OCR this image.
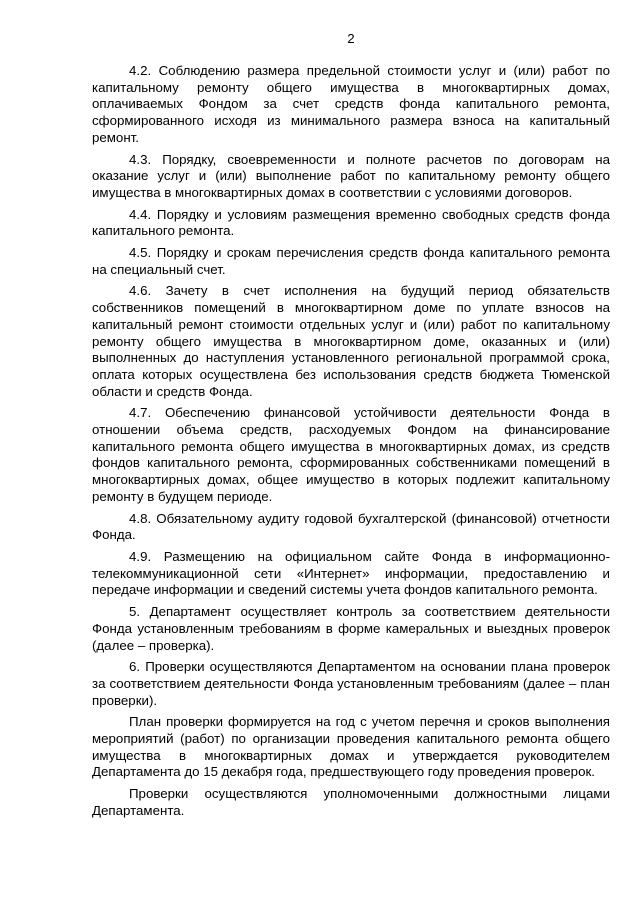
2

4.2. Соблюдению размера предельной стоимости услуг и (или) работ по капитальному ремонту общего имущества в многоквартирных домах, оплачиваемых Фондом за счет средств фонда капитального ремонта, сформированного исходя из минимального размера взноса на капитальный ремонт.

4.3. Порядку, своевременности и полноте расчетов по договорам на оказание услуг и (или) выполнение работ по капитальному ремонту общего имущества в многоквартирных домах в соответствии с условиями договоров.

4.4. Порядку и условиям размещения временно свободных средств фонда капитального ремонта.

4.5. Порядку и срокам перечисления средств фонда капитального ремонта на специальный счет.

4.6. Зачету в счет исполнения на будущий период обязательств собственников помещений в многоквартирном доме по уплате взносов на капитальный ремонт стоимости отдельных услуг и (или) работ по капитальному ремонту общего имущества в многоквартирном доме, оказанных и (или) выполненных до наступления установленного региональной программой срока, оплата которых осуществлена без использования средств бюджета Тюменской области и средств Фонда.

4.7. Обеспечению финансовой устойчивости деятельности Фонда в отношении объема средств, расходуемых Фондом на финансирование капитального ремонта общего имущества в многоквартирных домах, из средств фондов капитального ремонта, сформированных собственниками помещений в многоквартирных домах, общее имущество в которых подлежит капитальному ремонту в будущем периоде.

4.8. Обязательному аудиту годовой бухгалтерской (финансовой) отчетности Фонда.

4.9. Размещению на официальном сайте Фонда в информационно-телекоммуникационной сети «Интернет» информации, предоставлению и передаче информации и сведений системы учета фондов капитального ремонта.

5. Департамент осуществляет контроль за соответствием деятельности Фонда установленным требованиям в форме камеральных и выездных проверок (далее – проверка).

6. Проверки осуществляются Департаментом на основании плана проверок за соответствием деятельности Фонда установленным требованиям (далее – план проверки).

План проверки формируется на год с учетом перечня и сроков выполнения мероприятий (работ) по организации проведения капитального ремонта общего имущества в многоквартирных домах и утверждается руководителем Департамента до 15 декабря года, предшествующего году проведения проверок.

Проверки осуществляются уполномоченными должностными лицами Департамента.
